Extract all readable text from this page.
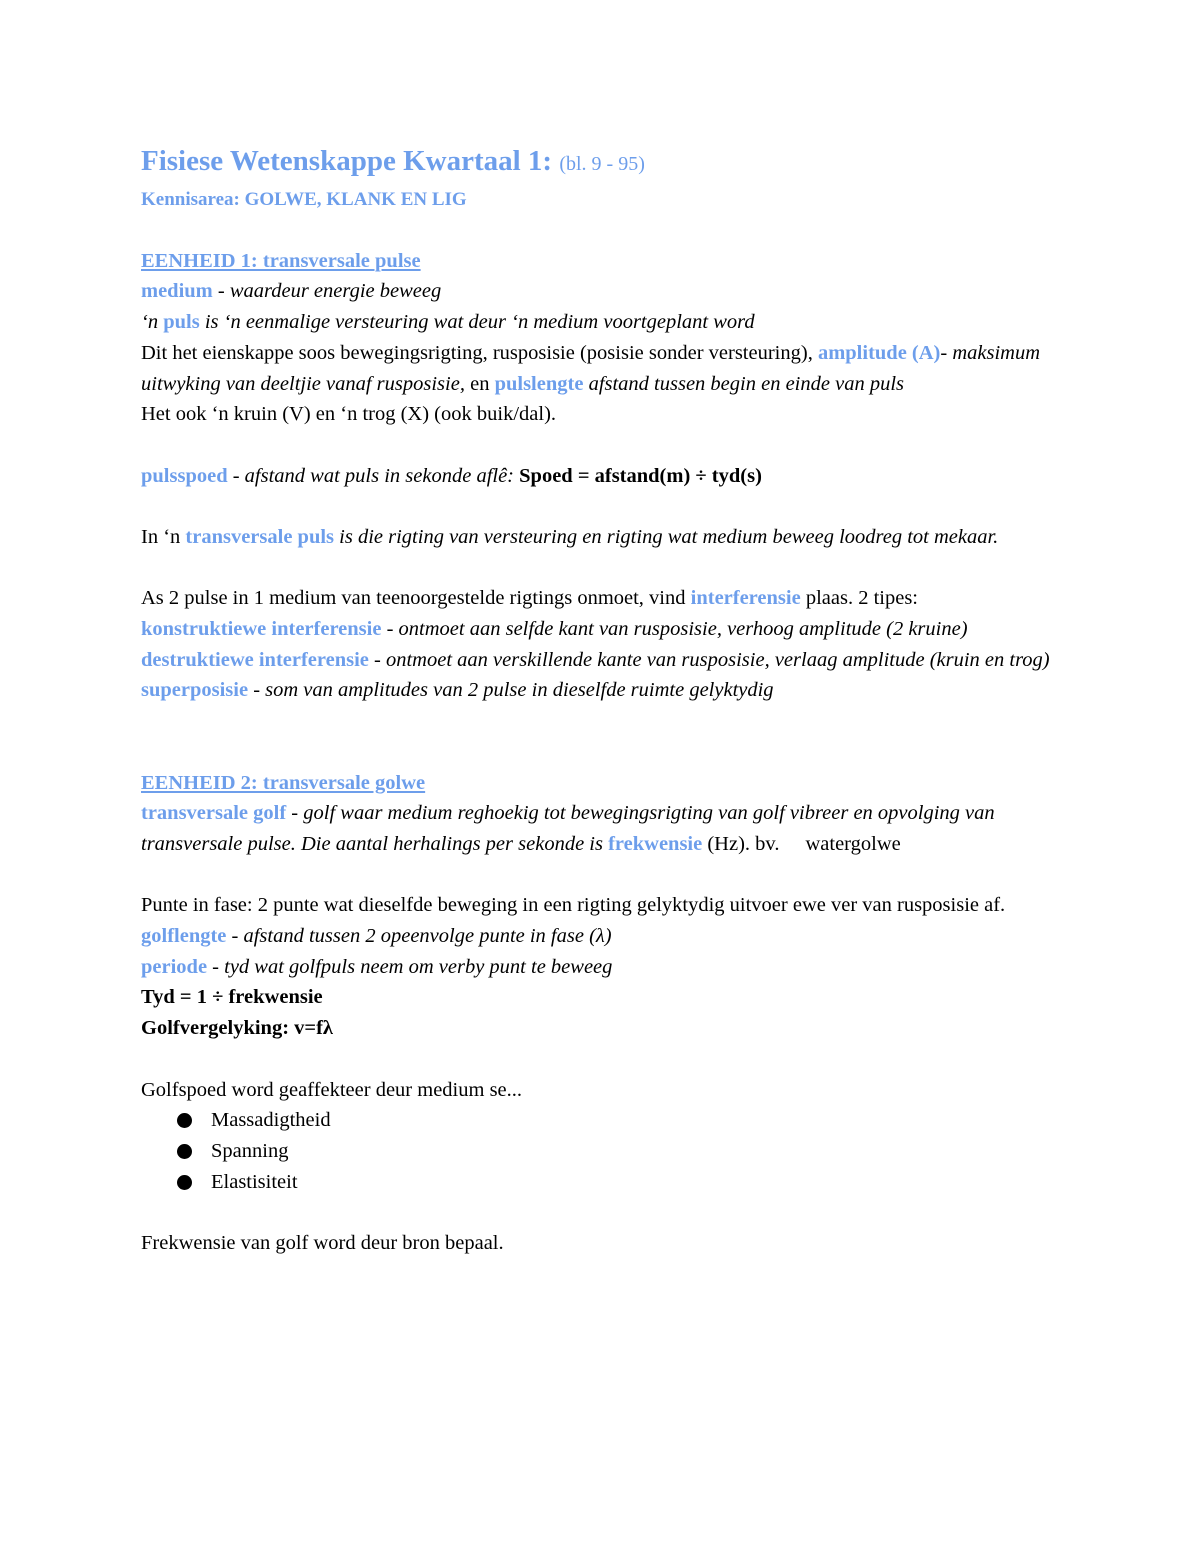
Fisiese Wetenskappe Kwartaal 1: (bl. 9 - 95)

Kennisarea: GOLWE, KLANK EN LIG

EENHEID 1: transversale pulse

medium - waardeur energie beweeg

‘n puls is ‘n eenmalige versteuring wat deur ‘n medium voortgeplant word

Dit het eienskappe soos bewegingsrigting, rusposisie (posisie sonder versteuring), amplitude (A)- maksimum uitwyking van deeltjie vanaf rusposisie, en pulslengte afstand tussen begin en einde van puls

Het ook ‘n kruin (V) en ‘n trog (X) (ook buik/dal).

pulsspoed - afstand wat puls in sekonde aflê: Spoed = afstand(m) ÷ tyd(s)

In ‘n transversale puls is die rigting van versteuring en rigting wat medium beweeg loodreg tot mekaar.

As 2 pulse in 1 medium van teenoorgestelde rigtings onmoet, vind interferensie plaas. 2 tipes:

konstruktiewe interferensie - ontmoet aan selfde kant van rusposisie, verhoog amplitude (2 kruine)

destruktiewe interferensie - ontmoet aan verskillende kante van rusposisie, verlaag amplitude (kruin en trog)

superposisie - som van amplitudes van 2 pulse in dieselfde ruimte gelyktydig

EENHEID 2: transversale golwe

transversale golf - golf waar medium reghoekig tot bewegingsrigting van golf vibreer en opvolging van transversale pulse. Die aantal herhalings per sekonde is frekwensie (Hz). bv. watergolwe

Punte in fase: 2 punte wat dieselfde beweging in een rigting gelyktydig uitvoer ewe ver van rusposisie af.

golflengte - afstand tussen 2 opeenvolge punte in fase (λ)

periode - tyd wat golfpuls neem om verby punt te beweeg

Tyd = 1 ÷ frekwensie

Golfvergelyking: v=fλ

Golfspoed word geaffekteer deur medium se...

Massadigtheid
Spanning
Elastisiteit

Frekwensie van golf word deur bron bepaal.
